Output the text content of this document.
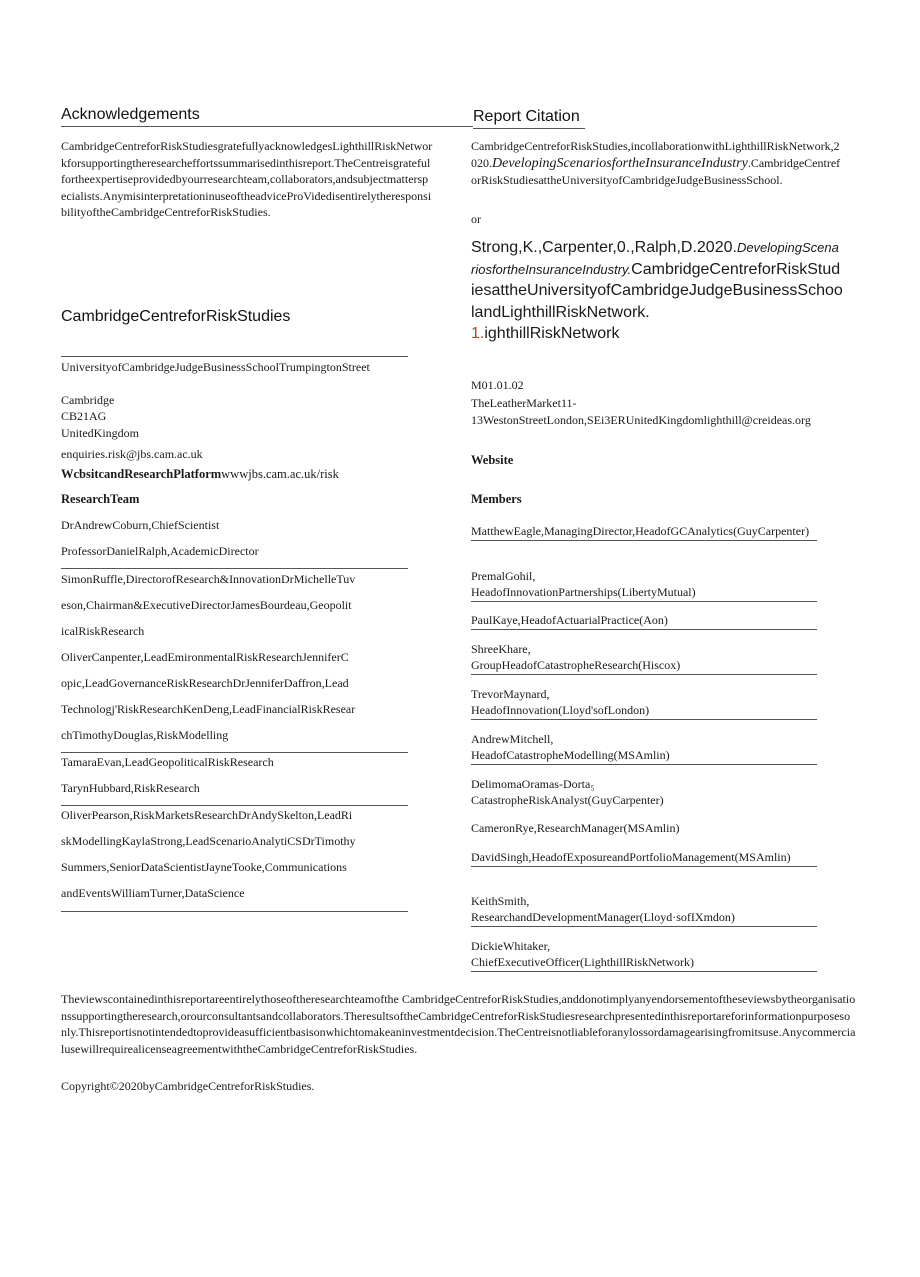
Acknowledgements
CambridgeCentreforRiskStudiesgratefullyacknowledgesLighthillRiskNetworkforsupportingtheresearcheffortssummarisedinthisreport.TheCentreisgratefulfortheexpertiseprovidedbyourresearchteam,collaborators,andsubjectmatterspecialists.AnymisinterpretationinuseoftheadviceProVidedisentirelytheresponsibilityoftheCambridgeCentreforRiskStudies.
Report Citation
CambridgeCentreforRiskStudies,incollaborationwithLighthillRiskNetwork,2020.DevelopingScenariosfortheInsuranceIndustry.CambridgeCentreforRiskStudiesattheUniversityofCambridgeJudgeBusinessSchool.
or
Strong,K.,Carpenter,0.,Ralph,D.2020.DevelopingScenariosfortheInsuranceIndustry.CambridgeCentreforRiskStudiesattheUniversityofCambridgeJudgeBusinessSchoolandLighthillRiskNetwork.
1.ighthillRiskNetwork
CambridgeCentreforRiskStudies
UniversityofCambridgeJudgeBusinessSchoolTrumpingtonStreet
Cambridge
CB21AG
UnitedKingdom
enquiries.risk@jbs.cam.ac.uk
WcbsitcandResearchPlatformwwwjbs.cam.ac.uk/risk
ResearchTeam
DrAndrewCoburn,ChiefScientist
ProfessorDanielRalph,AcademicDirector
SimonRuffle,DirectorofResearch&InnovationDrMichelleTuv
eson,Chairman&ExecutiveDirectorJamesBourdeau,Geopolit
icalRiskResearch
OliverCanpenter,LeadEmironmentalRiskResearchJenniferC
opic,LeadGovernanceRiskResearchDrJenniferDaffron,Lead
Technologj'RiskResearchKenDeng,LeadFinancialRiskResear
chTimothyDouglas,RiskModelling
TamaraEvan,LeadGeopoliticalRiskResearch
TarynHubbard,RiskResearch
OliverPearson,RiskMarketsResearchDrAndySkelton,LeadRi
skModellingKaylaStrong,LeadScenarioAnalytiCSDrTimothy
Summers,SeniorDataScientistJayneTooke,Communications
andEventsWilliamTurner,DataScience
M01.01.02
TheLeatherMarket11-
13WestonStreetLondon,SEi3ERUnitedKingdomlighthill@creideas.org
Website
Members
MatthewEagle,ManagingDirector,HeadofGCAnalytics(GuyCarpenter)
PremalGohil,
HeadofInnovationPartnerships(LibertyMutual)
PaulKaye,HeadofActuarialPractice(Aon)
ShreeKhare,
GroupHeadofCatastropheResearch(Hiscox)
TrevorMaynard,
HeadofInnovation(Lloyd'sofLondon)
AndrewMitchell,
HeadofCatastropheModelling(MSAmlin)
DelimomaOramas-Dorta₅
CatastropheRiskAnalyst(GuyCarpenter)
CameronRye,ResearchManager(MSAmlin)
DavidSingh,HeadofExposureandPortfolioManagement(MSAmlin)
KeithSmith,
ResearchandDevelopmentManager(Lloyd·sofIXmdon)
DickieWhitaker,
ChiefExecutiveOfficer(LighthillRiskNetwork)
Theviewscontainedinthisreportareentirelythoseoftheresearchteamofthe CambridgeCentreforRiskStudies,anddonotimplyanyendorsementoftheseviewsbytheorganisationssupportingtheresearch,orourconsultantsandcollaborators.TheresultsoftheCambridgeCentreforRiskStudiesresearchpresentedinthisreportareforinformationpurposesonly.Thisreportisnotintendedtoprovideasufficientbasisonwhichtomakeaninvestmentdecision.TheCentreisnotliableforanylossordamagearisingfromitsuse.AnycommercialusewillrequirealicenseagreementwiththeCambridgeCentreforRiskStudies.
Copyright©2020byCambridgeCentreforRiskStudies.
